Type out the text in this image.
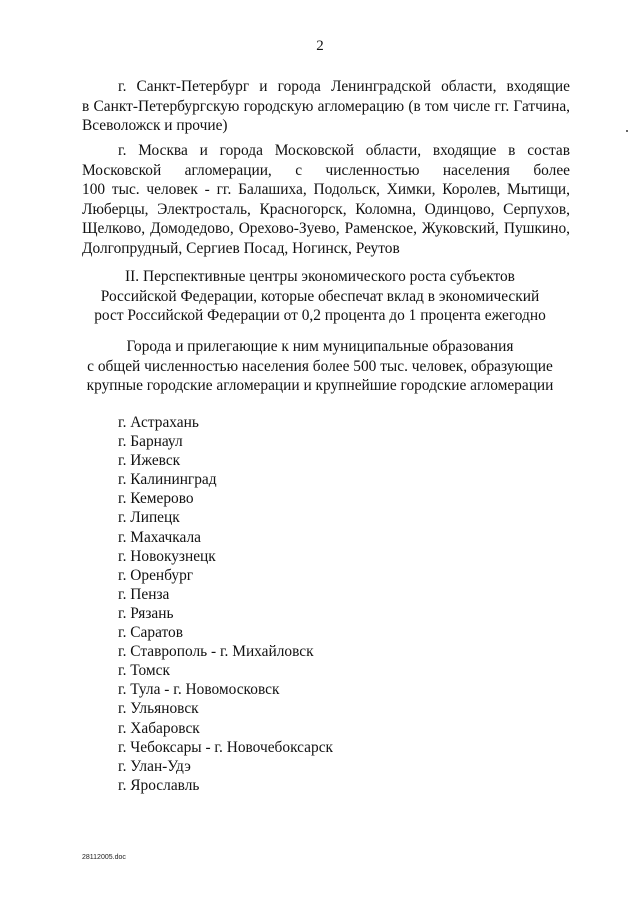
2
г. Санкт-Петербург и города Ленинградской области, входящие
в Санкт-Петербургскую городскую агломерацию (в том числе гг. Гатчина,
Всеволожск и прочие)
г. Москва и города Московской области, входящие в состав
Московской агломерации, с численностью населения более
100 тыс. человек - гг. Балашиха, Подольск, Химки, Королев, Мытищи,
Люберцы, Электросталь, Красногорск, Коломна, Одинцово, Серпухов,
Щелково, Домодедово, Орехово-Зуево, Раменское, Жуковский, Пушкино,
Долгопрудный, Сергиев Посад, Ногинск, Реутов
II. Перспективные центры экономического роста субъектов
Российской Федерации, которые обеспечат вклад в экономический
рост Российской Федерации от 0,2 процента до 1 процента ежегодно
Города и прилегающие к ним муниципальные образования
с общей численностью населения более 500 тыс. человек, образующие
крупные городские агломерации и крупнейшие городские агломерации
г. Астрахань
г. Барнаул
г. Ижевск
г. Калининград
г. Кемерово
г. Липецк
г. Махачкала
г. Новокузнецк
г. Оренбург
г. Пенза
г. Рязань
г. Саратов
г. Ставрополь - г. Михайловск
г. Томск
г. Тула - г. Новомосковск
г. Ульяновск
г. Хабаровск
г. Чебоксары - г. Новочебоксарск
г. Улан-Удэ
г. Ярославль
28112005.doc
